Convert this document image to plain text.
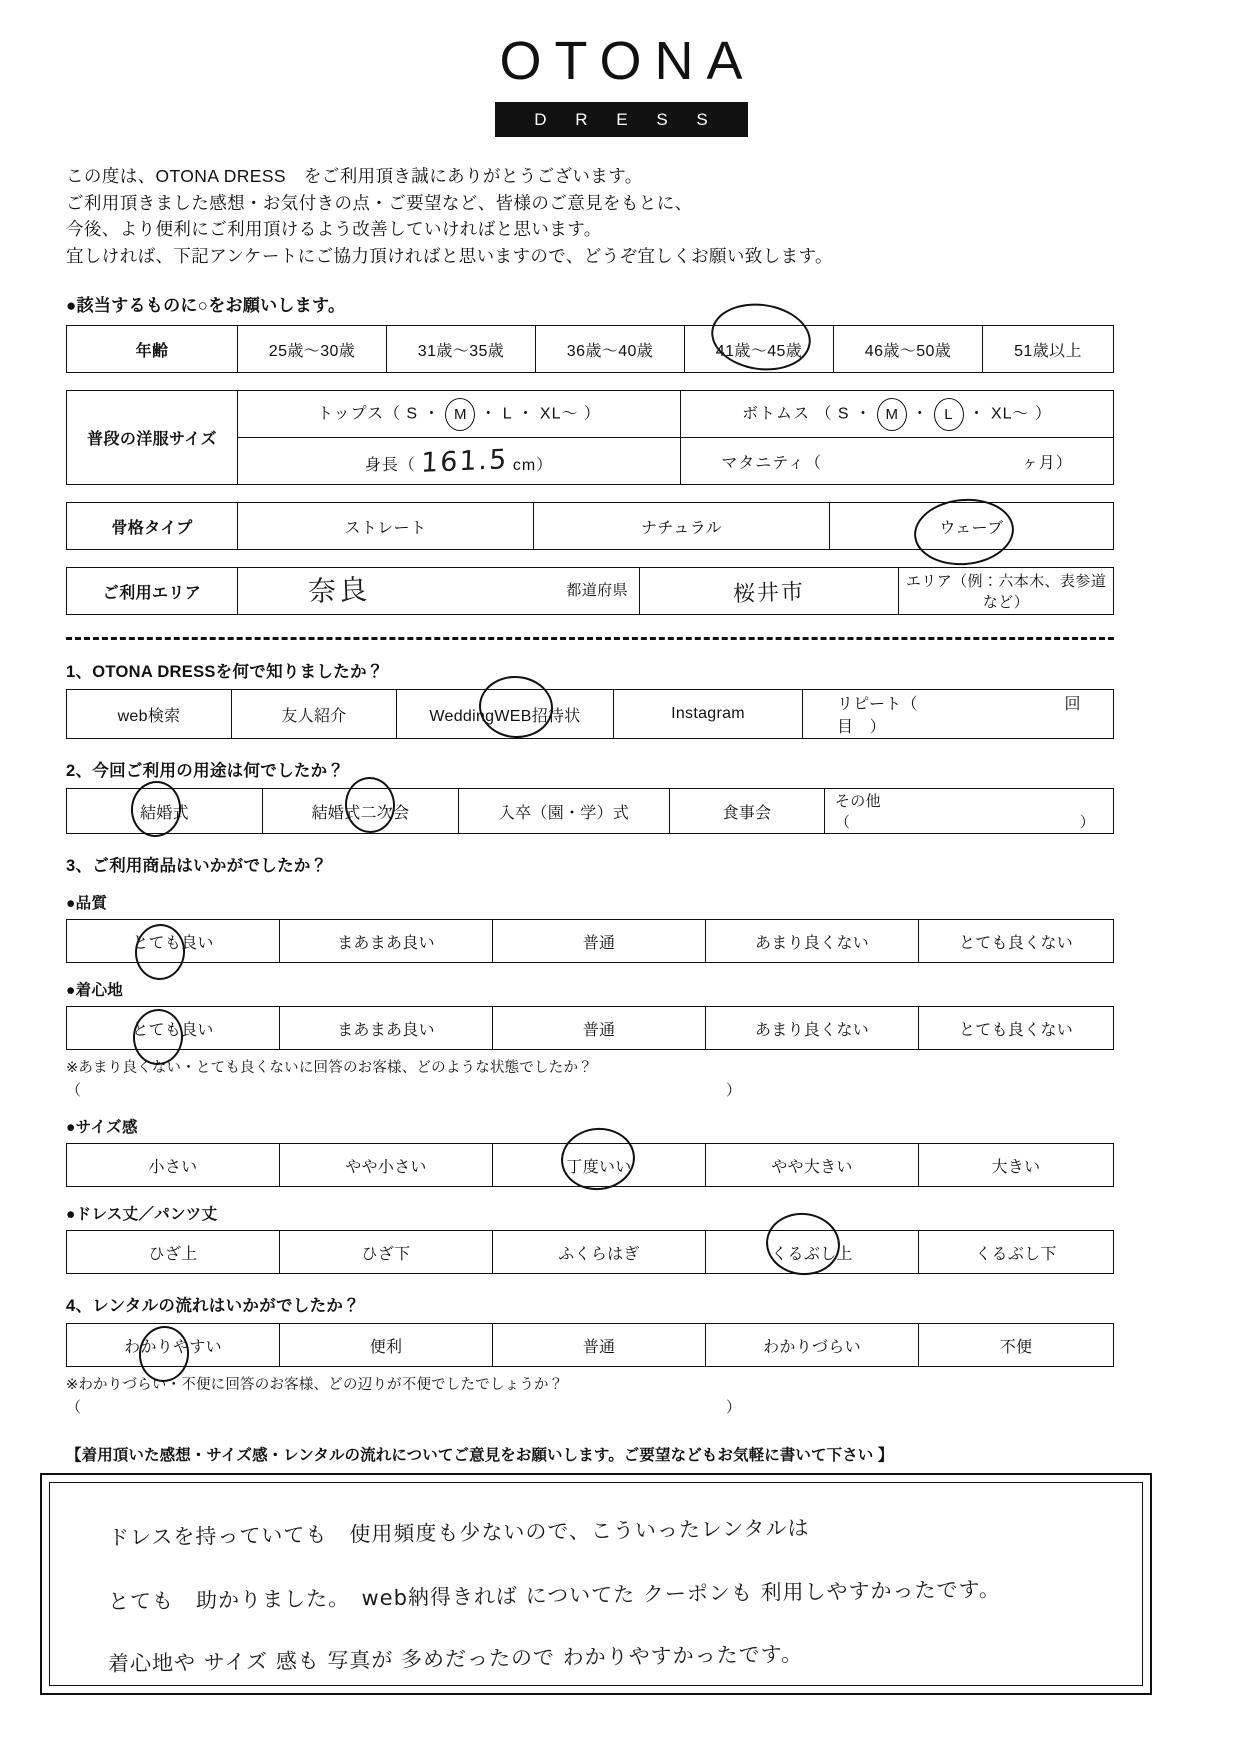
OTONA
D R E S S
この度は、OTONA DRESS　をご利用頂き誠にありがとうございます。
ご利用頂きました感想・お気付きの点・ご要望など、皆様のご意見をもとに、
今後、より便利にご利用頂けるよう改善していければと思います。
宜しければ、下記アンケートにご協力頂ければと思いますので、どうぞ宜しくお願い致します。
●該当するものに○をお願いします。
年齢	25歳～30歳	31歳～35歳	36歳～40歳	41歳～45歳	46歳～50歳	51歳以上
普段の洋服サイズ	トップス（ S ・ M ・ L ・ XL～ ）	ボトムス （ S ・ M ・ L ・ XL～ ）
	身長（ 161.5 cm）	マタニティ（ ヶ月）
骨格タイプ	ストレート	ナチュラル	ウェーブ
ご利用エリア	奈良	都道府県	桜井市	エリア（例：六本木、表参道など）
1、OTONA DRESSを何で知りましたか？
web検索	友人紹介	WeddingWEB招待状	Instagram	リピート（　　　　　　　　　回目　）
2、今回ご利用の用途は何でしたか？
結婚式	結婚式二次会	入卒（園・学）式	食事会	その他（　　　　　　　　　　　　　　　）
3、ご利用商品はいかがでしたか？
●品質
とても良い	まあまあ良い	普通	あまり良くない	とても良くない
●着心地
とても良い	まあまあ良い	普通	あまり良くない	とても良くない
※あまり良くない・とても良くないに回答のお客様、どのような状態でしたか？
（	）
●サイズ感
小さい	やや小さい	丁度いい	やや大きい	大きい
●ドレス丈／パンツ丈
ひざ上	ひざ下	ふくらはぎ	くるぶし上	くるぶし下
4、レンタルの流れはいかがでしたか？
わかりやすい	便利	普通	わかりづらい	不便
※わかりづらい・不便に回答のお客様、どの辺りが不便でしたでしょうか？
（	）
【着用頂いた感想・サイズ感・レンタルの流れについてご意見をお願いします。ご要望などもお気軽に書いて下さい 】
ドレスを持っていても　使用頻度も少ないので、こういったレンタルは
とても　助かりました。　web納得きれば についてた クーポンも 利用しやすかったです。
着心地や サイズ 感も 写真が 多めだったので わかりやすかったです。
